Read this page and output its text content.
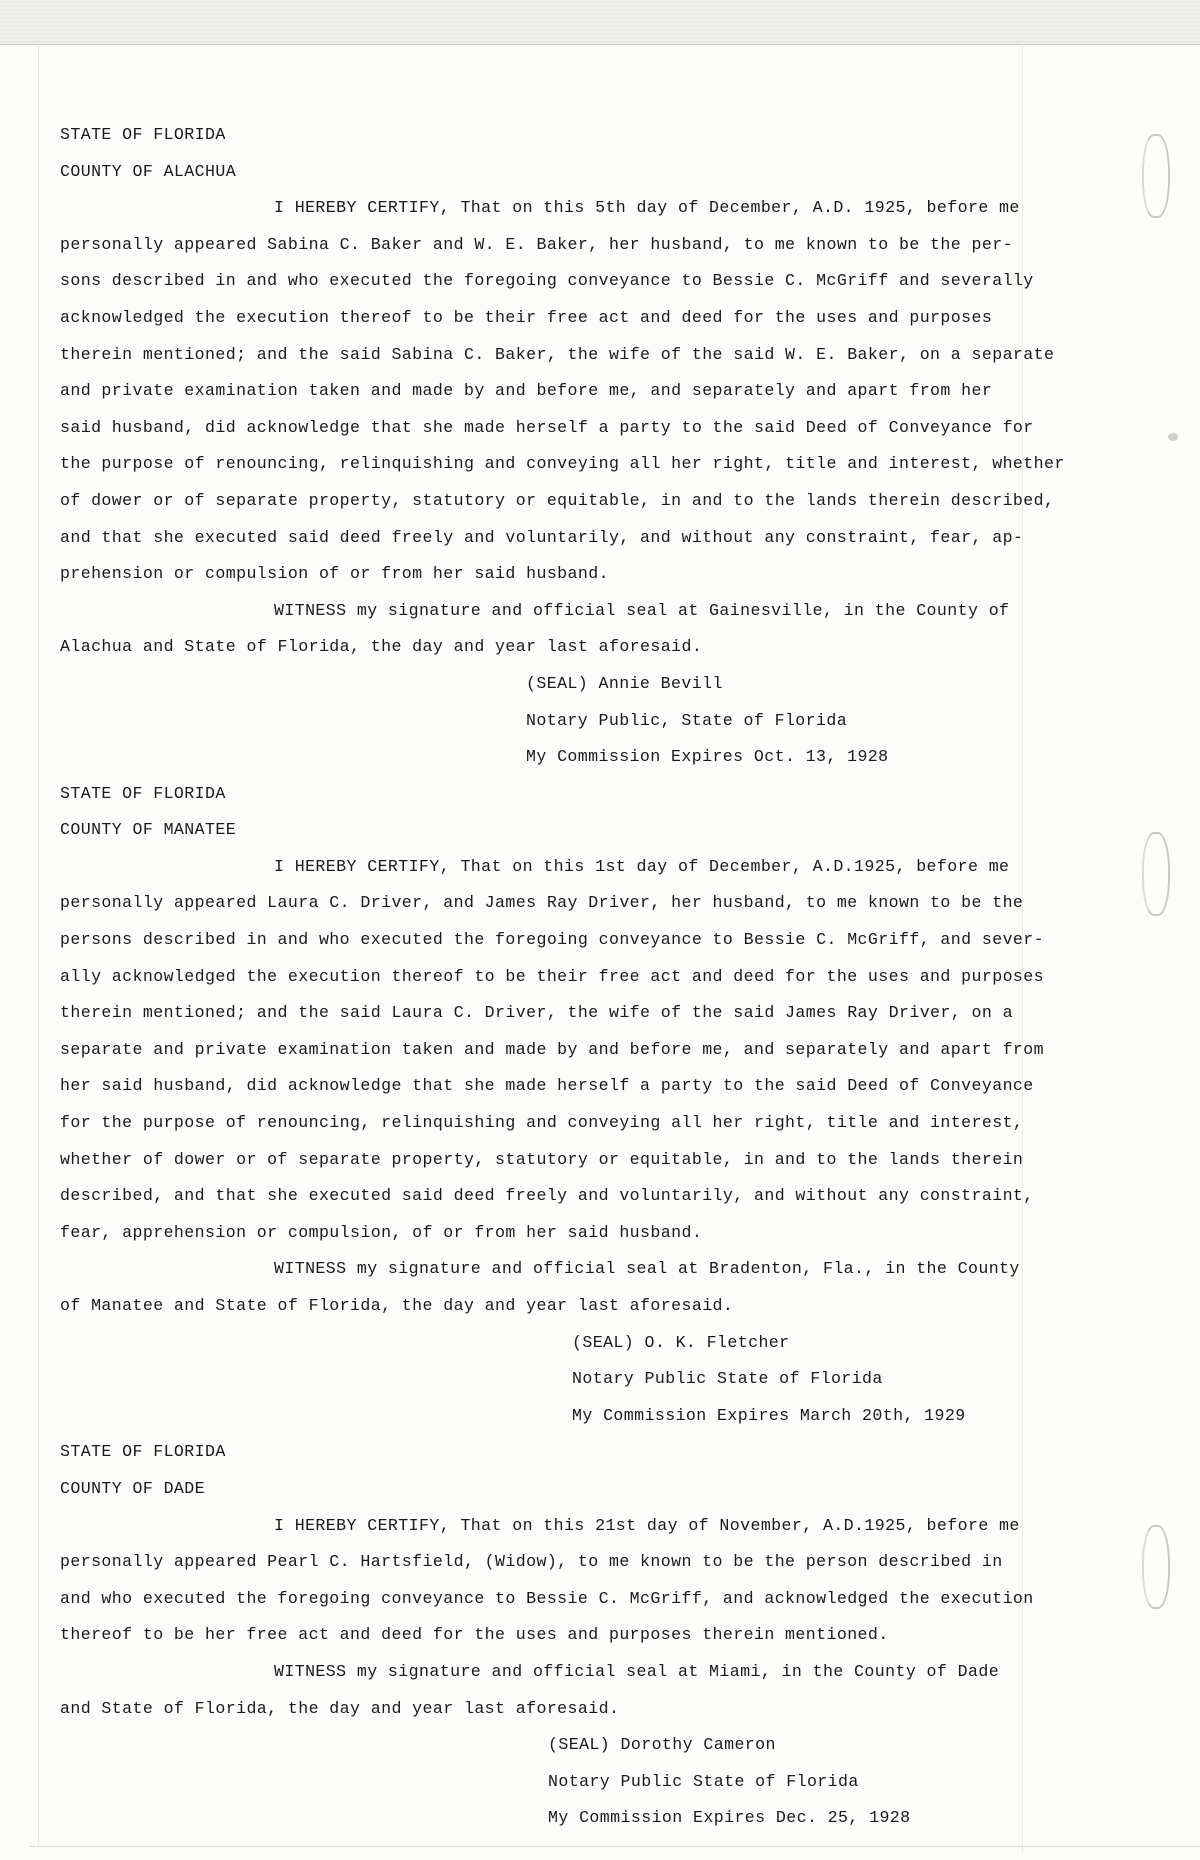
STATE OF FLORIDA
COUNTY OF ALACHUA
I HEREBY CERTIFY, That on this 5th day of December, A.D. 1925, before me
personally appeared Sabina C. Baker and W. E. Baker, her husband, to me known to be the per-
sons described in and who executed the foregoing conveyance to Bessie C. McGriff and severally
acknowledged the execution thereof to be their free act and deed for the uses and purposes
therein mentioned; and the said Sabina C. Baker, the wife of the said W. E. Baker, on a separate
and private examination taken and made by and before me, and separately and apart from her
said husband, did acknowledge that she made herself a party to the said Deed of Conveyance for
the purpose of renouncing, relinquishing and conveying all her right, title and interest, whether
of dower or of separate property, statutory or equitable, in and to the lands therein described,
and that she executed said deed freely and voluntarily, and without any constraint, fear, ap-
prehension or compulsion of or from her said husband.
WITNESS my signature and official seal at Gainesville, in the County of
Alachua and State of Florida, the day and year last aforesaid.
(SEAL) Annie Bevill
Notary Public, State of Florida
My Commission Expires Oct. 13, 1928
STATE OF FLORIDA
COUNTY OF MANATEE
I HEREBY CERTIFY, That on this 1st day of December, A.D.1925, before me
personally appeared Laura C. Driver, and James Ray Driver, her husband, to me known to be the
persons described in and who executed the foregoing conveyance to Bessie C. McGriff, and sever-
ally acknowledged the execution thereof to be their free act and deed for the uses and purposes
therein mentioned; and the said Laura C. Driver, the wife of the said James Ray Driver, on a
separate and private examination taken and made by and before me, and separately and apart from
her said husband, did acknowledge that she made herself a party to the said Deed of Conveyance
for the purpose of renouncing, relinquishing and conveying all her right, title and interest,
whether of dower or of separate property, statutory or equitable, in and to the lands therein
described, and that she executed said deed freely and voluntarily, and without any constraint,
fear, apprehension or compulsion, of or from her said husband.
WITNESS my signature and official seal at Bradenton, Fla., in the County
of Manatee and State of Florida, the day and year last aforesaid.
(SEAL) O. K. Fletcher
Notary Public State of Florida
My Commission Expires March 20th, 1929
STATE OF FLORIDA
COUNTY OF DADE
I HEREBY CERTIFY, That on this 21st day of November, A.D.1925, before me
personally appeared Pearl C. Hartsfield, (Widow), to me known to be the person described in
and who executed the foregoing conveyance to Bessie C. McGriff, and acknowledged the execution
thereof to be her free act and deed for the uses and purposes therein mentioned.
WITNESS my signature and official seal at Miami, in the County of Dade
and State of Florida, the day and year last aforesaid.
(SEAL) Dorothy Cameron
Notary Public State of Florida
My Commission Expires Dec. 25, 1928
